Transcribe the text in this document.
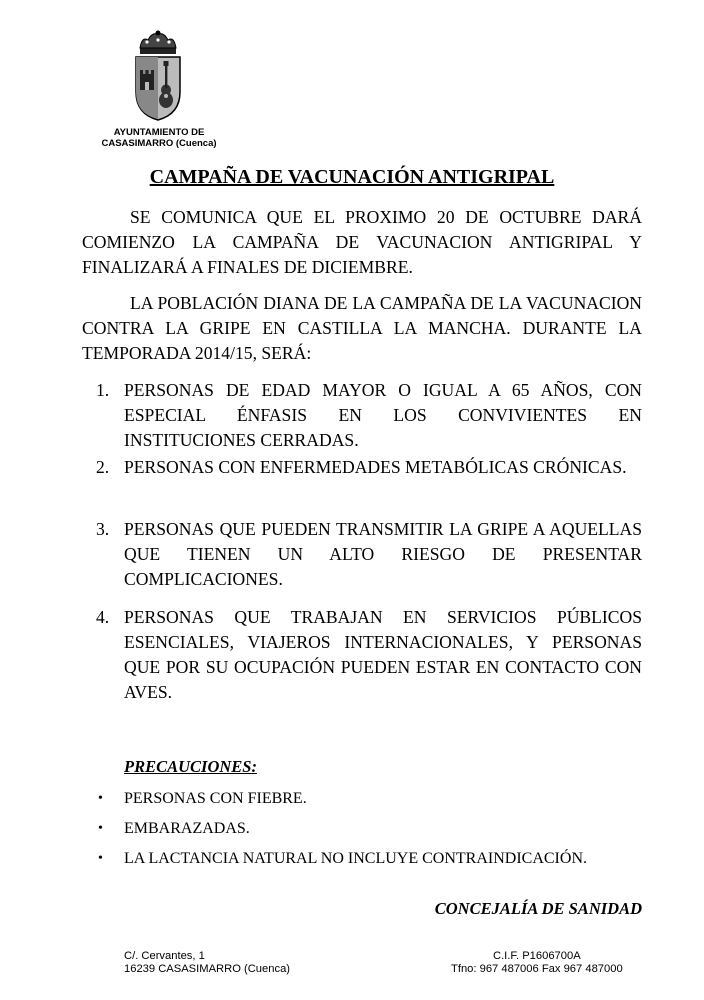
AYUNTAMIENTO DE
CASASIMARRO (Cuenca)
CAMPAÑA DE VACUNACIÓN ANTIGRIPAL

SE COMUNICA QUE EL PROXIMO 20 DE OCTUBRE DARÁ COMIENZO LA CAMPAÑA DE VACUNACION ANTIGRIPAL Y FINALIZARÁ A FINALES DE DICIEMBRE.

LA POBLACIÓN DIANA DE LA CAMPAÑA DE LA VACUNACION CONTRA LA GRIPE EN CASTILLA LA MANCHA. DURANTE LA TEMPORADA 2014/15, SERÁ:

1. PERSONAS DE EDAD MAYOR O IGUAL A 65 AÑOS, CON ESPECIAL ÉNFASIS EN LOS CONVIVIENTES EN INSTITUCIONES CERRADAS.
2. PERSONAS CON ENFERMEDADES METABÓLICAS CRÓNICAS.
3. PERSONAS QUE PUEDEN TRANSMITIR LA GRIPE A AQUELLAS QUE TIENEN UN ALTO RIESGO DE PRESENTAR COMPLICACIONES.
4. PERSONAS QUE TRABAJAN EN SERVICIOS PÚBLICOS ESENCIALES, VIAJEROS INTERNACIONALES, Y PERSONAS QUE POR SU OCUPACIÓN PUEDEN ESTAR EN CONTACTO CON AVES.

PRECAUCIONES:

• PERSONAS CON FIEBRE.
• EMBARAZADAS.
• LA LACTANCIA NATURAL NO INCLUYE CONTRAINDICACIÓN.

CONCEJALÍA DE SANIDAD

C/. Cervantes, 1
16239 CASASIMARRO (Cuenca)
C.I.F. P1606700A
Tfno: 967 487006 Fax 967 487000
